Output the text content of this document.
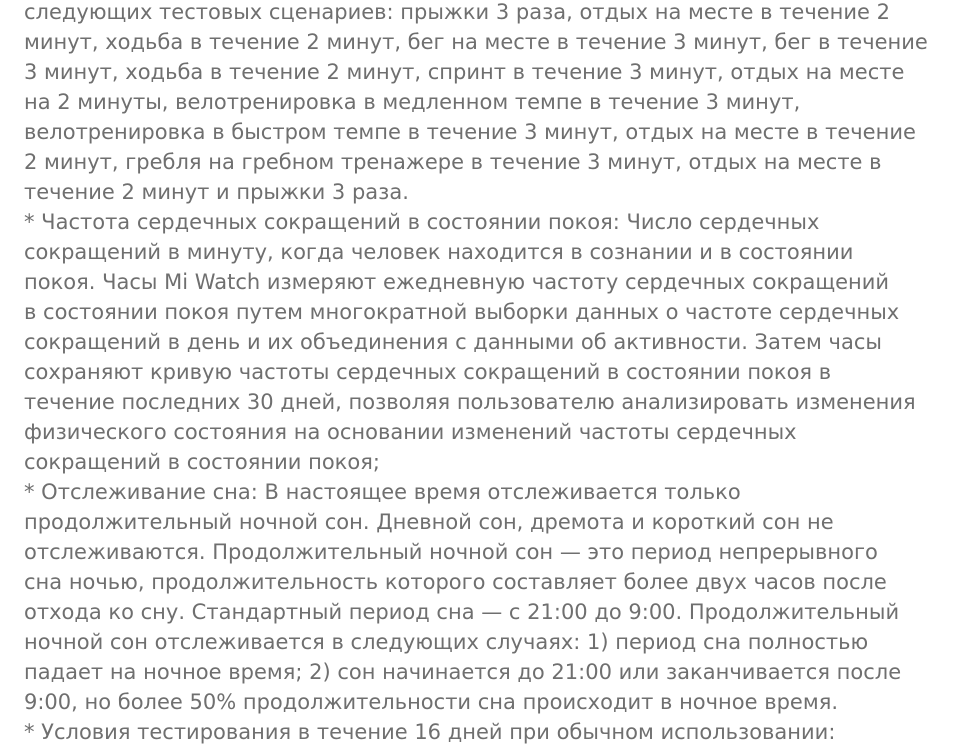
следующих тестовых сценариев: прыжки 3 раза, отдых на месте в течение 2
минут, ходьба в течение 2 минут, бег на месте в течение 3 минут, бег в течение
3 минут, ходьба в течение 2 минут, спринт в течение 3 минут, отдых на месте
на 2 минуты, велотренировка в медленном темпе в течение 3 минут,
велотренировка в быстром темпе в течение 3 минут, отдых на месте в течение
2 минут, гребля на гребном тренажере в течение 3 минут, отдых на месте в
течение 2 минут и прыжки 3 раза.

* Частота сердечных сокращений в состоянии покоя: Число сердечных
сокращений в минуту, когда человек находится в сознании и в состоянии
покоя. Часы Mi Watch измеряют ежедневную частоту сердечных сокращений
в состоянии покоя путем многократной выборки данных о частоте сердечных
сокращений в день и их объединения с данными об активности. Затем часы
сохраняют кривую частоты сердечных сокращений в состоянии покоя в
течение последних 30 дней, позволяя пользователю анализировать изменения
физического состояния на основании изменений частоты сердечных
сокращений в состоянии покоя;

* Отслеживание сна: В настоящее время отслеживается только
продолжительный ночной сон. Дневной сон, дремота и короткий сон не
отслеживаются. Продолжительный ночной сон — это период непрерывного
сна ночью, продолжительность которого составляет более двух часов после
отхода ко сну. Стандартный период сна — с 21:00 до 9:00. Продолжительный
ночной сон отслеживается в следующих случаях: 1) период сна полностью
падает на ночное время; 2) сон начинается до 21:00 или заканчивается после
9:00, но более 50% продолжительности сна происходит в ночное время.

* Условия тестирования в течение 16 дней при обычном использовании:
